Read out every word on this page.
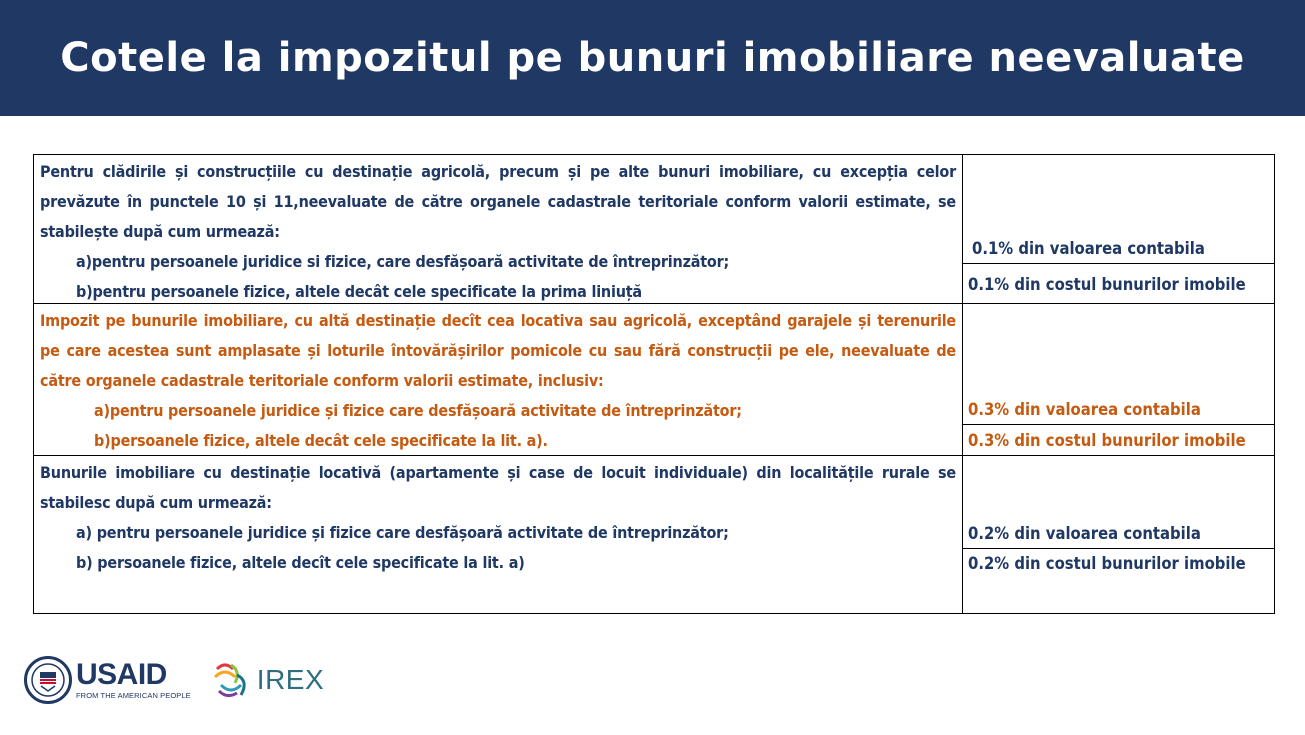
Cotele la impozitul pe bunuri imobiliare neevaluate

Pentru clădirile și construcțiile cu destinație agricolă, precum și pe alte bunuri imobiliare, cu excepția celor prevăzute în punctele 10 și 11,neevaluate de către organele cadastrale teritoriale conform valorii estimate, se stabilește după cum urmează:

a)pentru persoanele juridice si fizice, care desfășoară activitate de întreprinzător;

b)pentru persoanele fizice, altele decât cele specificate la prima liniuță

0.1% din valoarea contabila
0.1% din costul bunurilor imobile

Impozit pe bunurile imobiliare, cu altă destinație decît cea locativa sau agricolă, exceptând garajele și terenurile pe care acestea sunt amplasate și loturile întovărășirilor pomicole cu sau fără construcții pe ele, neevaluate de către organele cadastrale teritoriale conform valorii estimate, inclusiv:

a)pentru persoanele juridice și fizice care desfășoară activitate de întreprinzător;

b)persoanele fizice, altele decât cele specificate la lit. a).

0.3% din valoarea contabila
0.3% din costul bunurilor imobile

Bunurile imobiliare cu destinație locativă (apartamente și case de locuit individuale) din localitățile rurale se stabilesc după cum urmează:

a) pentru persoanele juridice și fizice care desfășoară activitate de întreprinzător;

b) persoanele fizice, altele decît cele specificate la lit. a)

0.2% din valoarea contabila
0.2% din costul bunurilor imobile
USAID
FROM THE AMERICAN PEOPLE IREX
